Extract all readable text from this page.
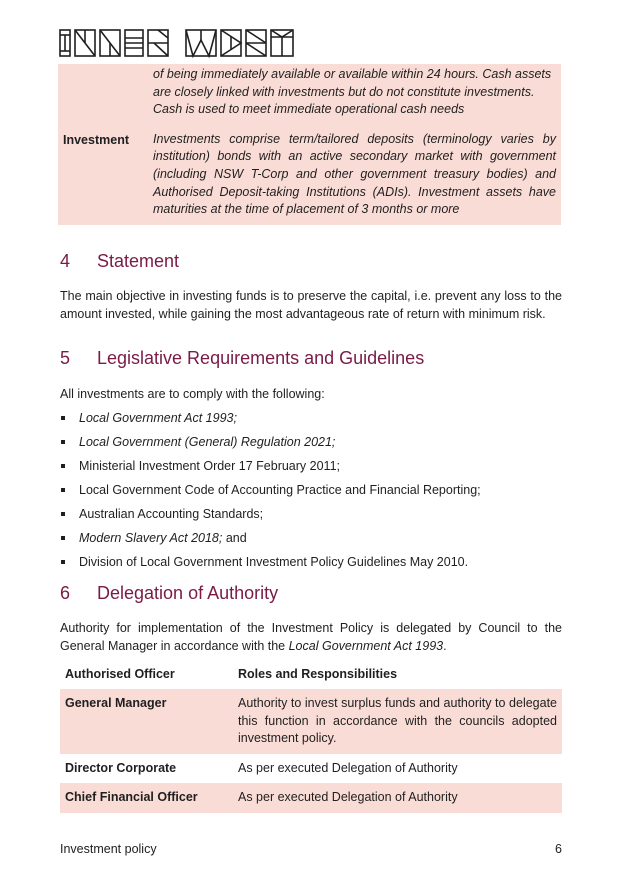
of being immediately available or available within 24 hours. Cash assets are closely linked with investments but do not constitute investments. Cash is used to meet immediate operational cash needs
Investment	Investments comprise term/tailored deposits (terminology varies by institution) bonds with an active secondary market with government (including NSW T-Corp and other government treasury bodies) and Authorised Deposit-taking Institutions (ADIs). Investment assets have maturities at the time of placement of 3 months or more
4	Statement

The main objective in investing funds is to preserve the capital, i.e. prevent any loss to the amount invested, while gaining the most advantageous rate of return with minimum risk.

5	Legislative Requirements and Guidelines

All investments are to comply with the following:

Local Government Act 1993;
Local Government (General) Regulation 2021;
Ministerial Investment Order 17 February 2011;
Local Government Code of Accounting Practice and Financial Reporting;
Australian Accounting Standards;
Modern Slavery Act 2018; and
Division of Local Government Investment Policy Guidelines May 2010.
6	Delegation of Authority

Authority for implementation of the Investment Policy is delegated by Council to the General Manager in accordance with the Local Government Act 1993.

Authorised Officer	Roles and Responsibilities
General Manager	Authority to invest surplus funds and authority to delegate this function in accordance with the councils adopted investment policy.
Director Corporate	As per executed Delegation of Authority
Chief Financial Officer	As per executed Delegation of Authority
Investment policy	6
